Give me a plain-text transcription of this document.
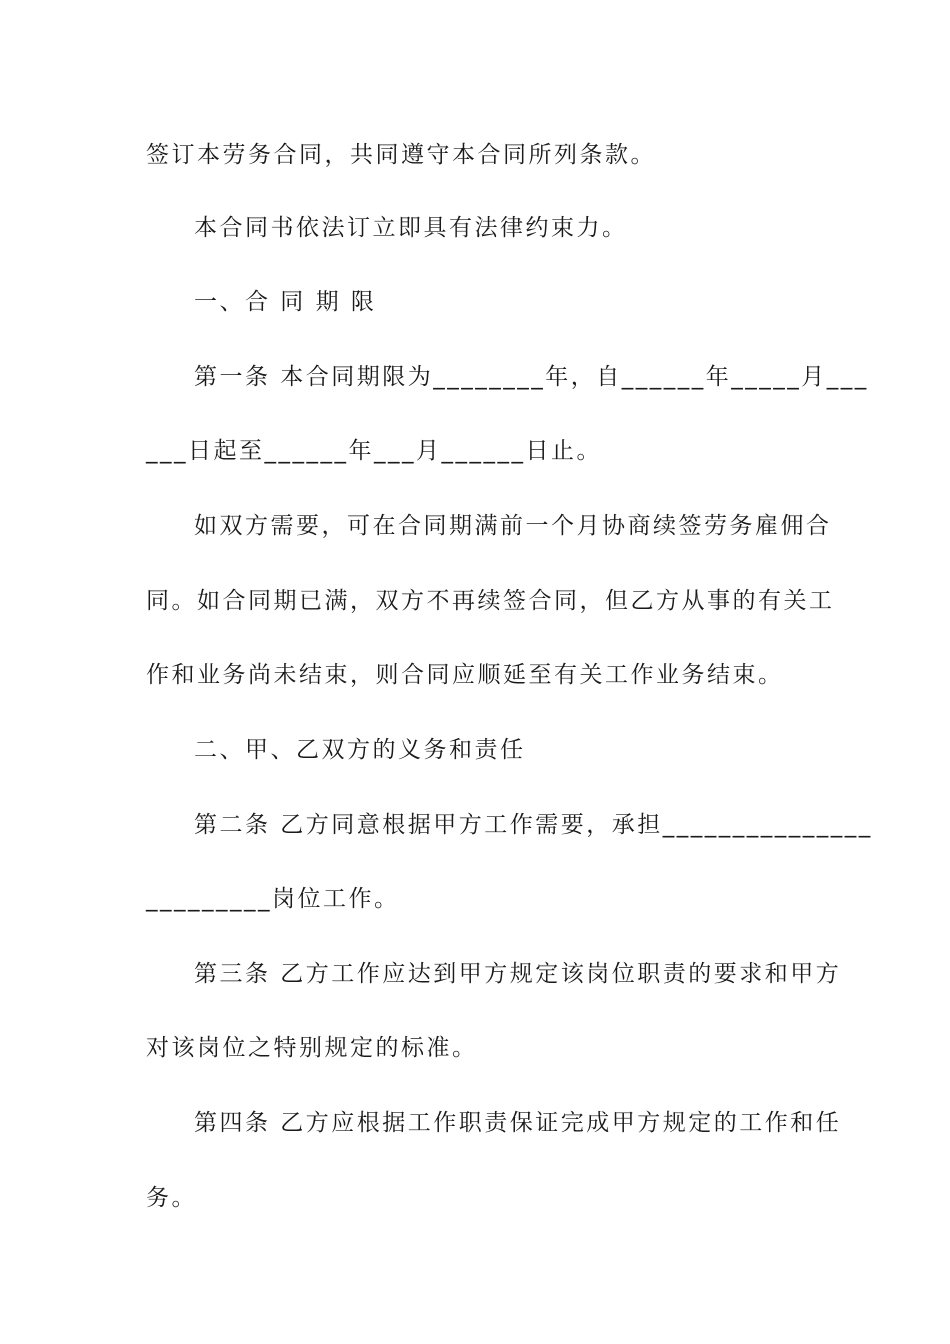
签订本劳务合同，共同遵守本合同所列条款。
本合同书依法订立即具有法律约束力。
一、合 同 期 限
第一条 本合同期限为________年，自______年_____月___
___日起至______年___月______日止。
如双方需要，可在合同期满前一个月协商续签劳务雇佣合
同。如合同期已满，双方不再续签合同，但乙方从事的有关工
作和业务尚未结束，则合同应顺延至有关工作业务结束。
二、甲、乙双方的义务和责任
第二条 乙方同意根据甲方工作需要，承担_______________
_________岗位工作。
第三条 乙方工作应达到甲方规定该岗位职责的要求和甲方
对该岗位之特别规定的标准。
第四条 乙方应根据工作职责保证完成甲方规定的工作和任
务。
